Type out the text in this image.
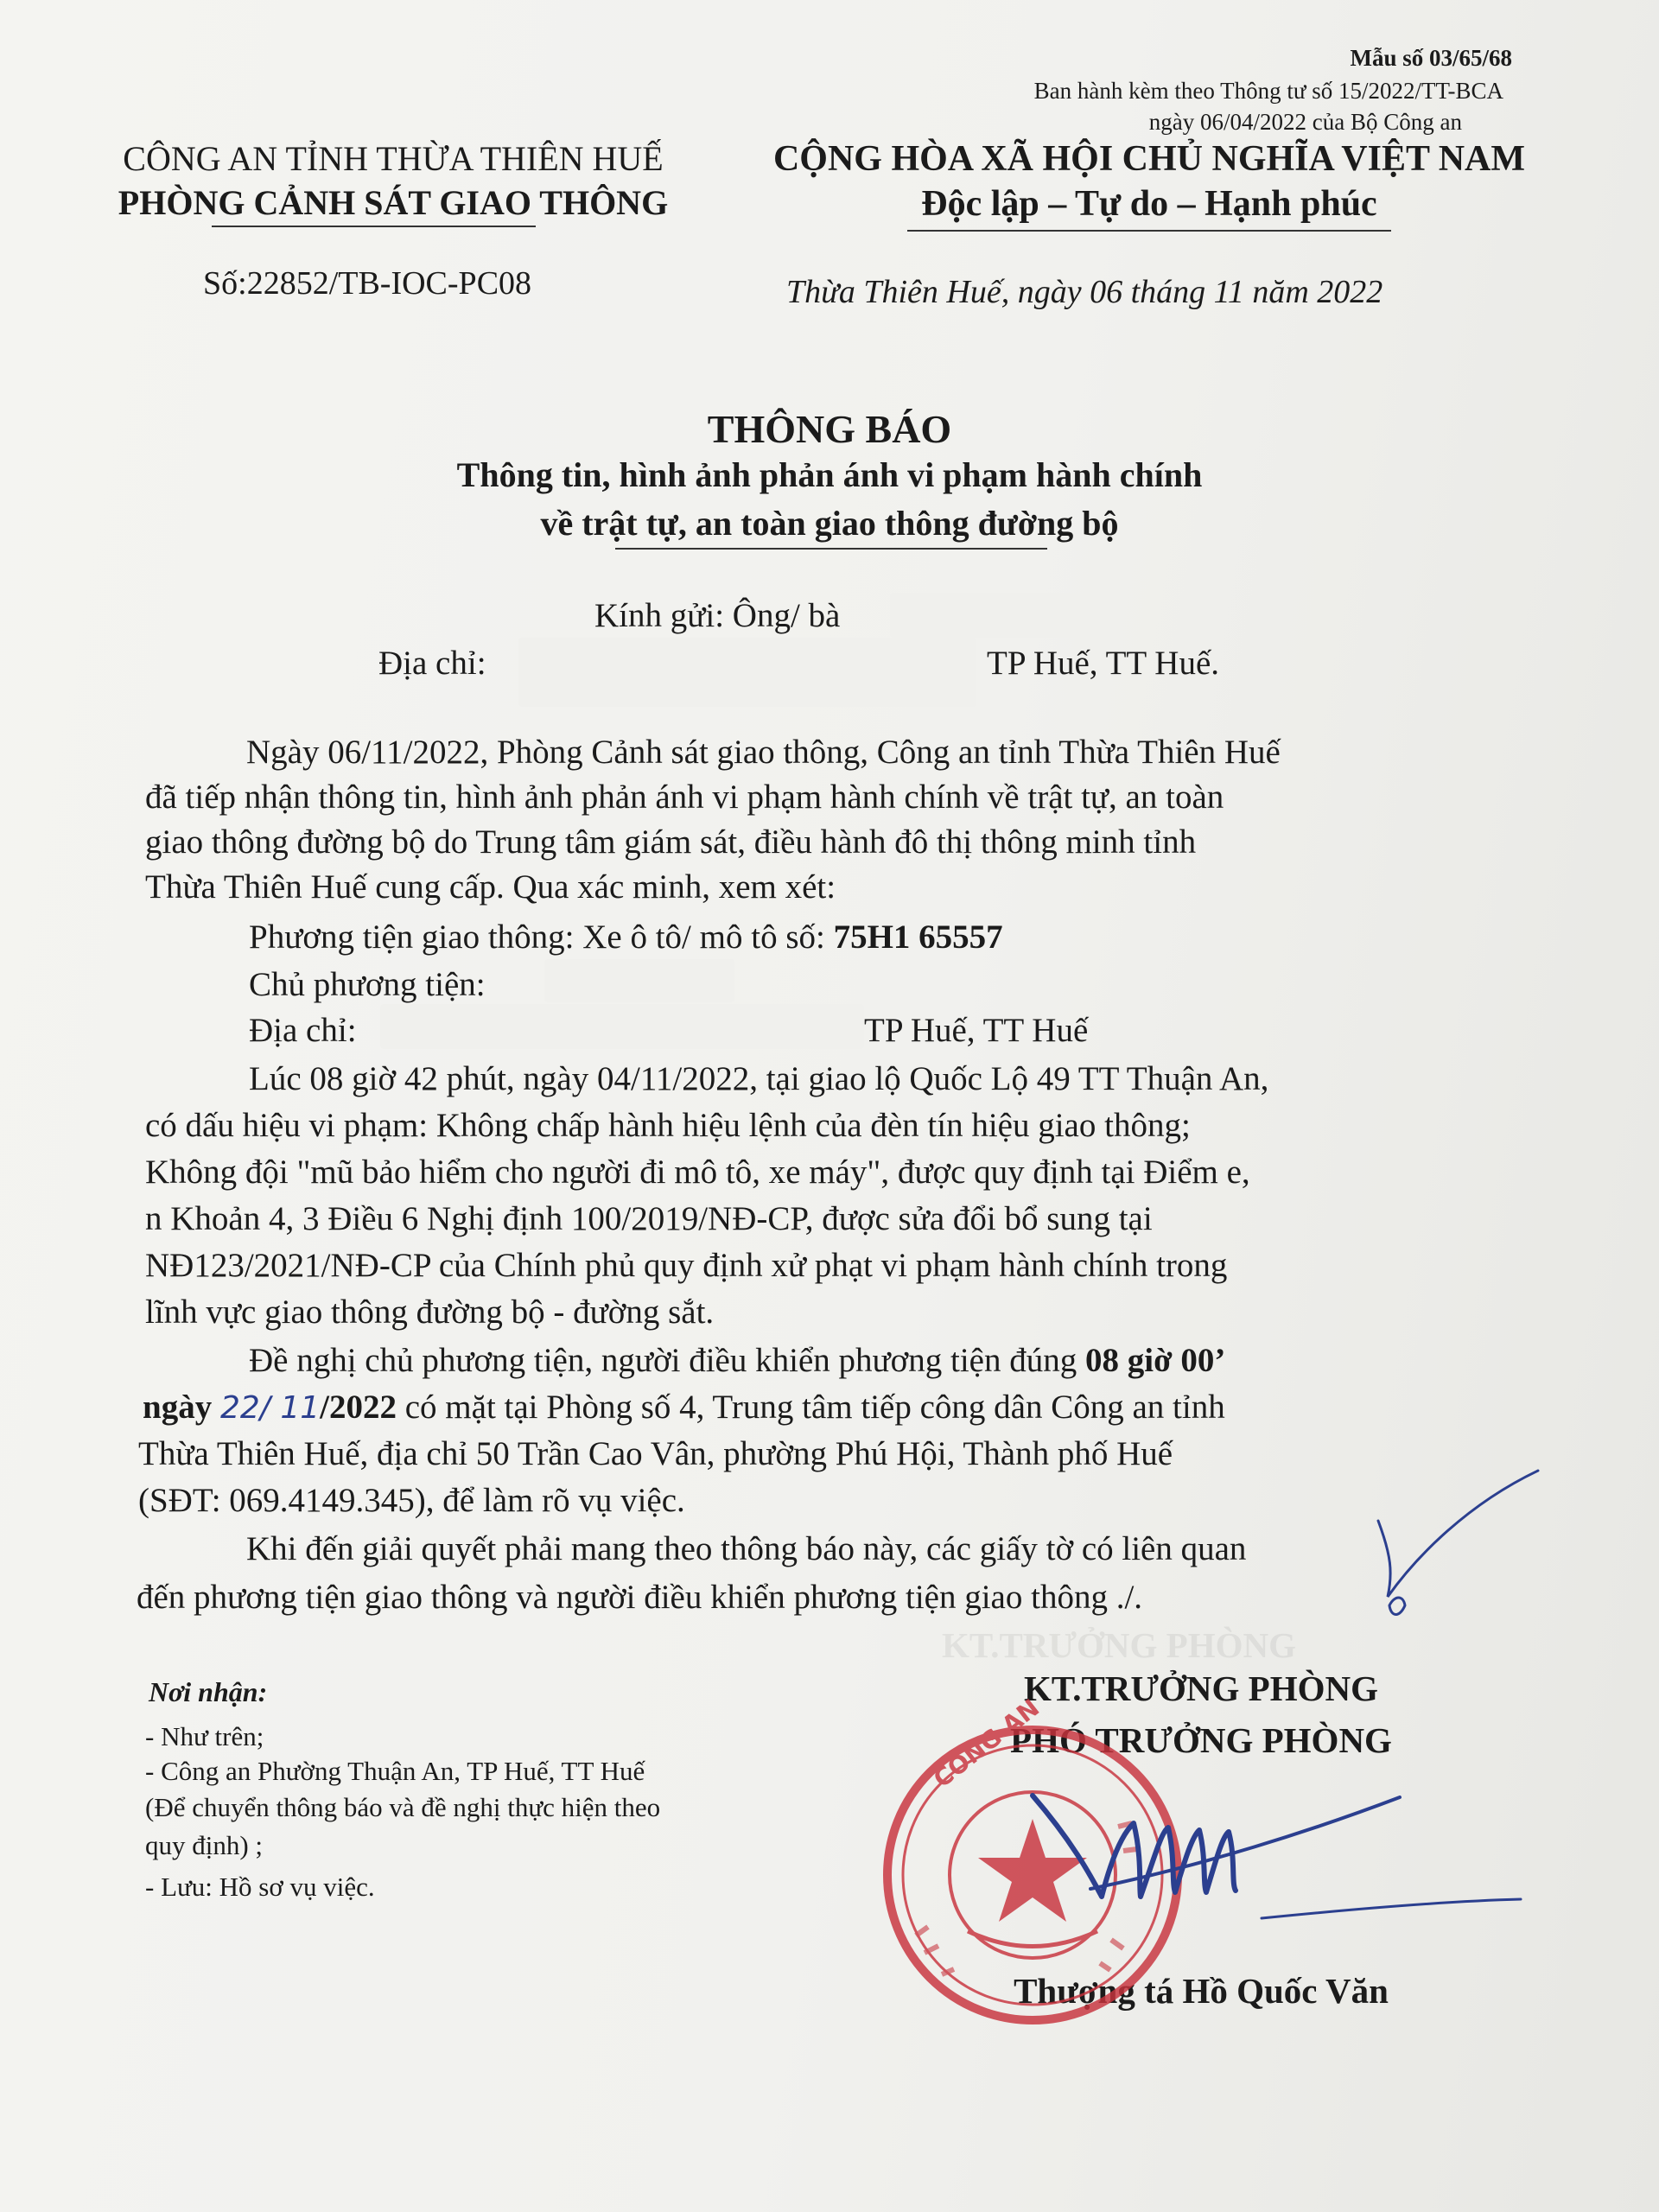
KT.TRƯỞNG PHÒNG
Mẫu số 03/65/68
Ban hành kèm theo Thông tư số 15/2022/TT-BCA
ngày 06/04/2022 của Bộ Công an
CÔNG AN TỈNH THỪA THIÊN HUẾ
PHÒNG CẢNH SÁT GIAO THÔNG
CỘNG HÒA XÃ HỘI CHỦ NGHĨA VIỆT NAM
Độc lập – Tự do – Hạnh phúc
Số:22852/TB-IOC-PC08	Thừa Thiên Huế, ngày 06 tháng 11 năm 2022
THÔNG BÁO
Thông tin, hình ảnh phản ánh vi phạm hành chính
về trật tự, an toàn giao thông đường bộ
Kính gửi: Ông/ bà
Địa chỉ:	TP Huế, TT Huế.
Ngày 06/11/2022, Phòng Cảnh sát giao thông, Công an tỉnh Thừa Thiên Huế
đã tiếp nhận thông tin, hình ảnh phản ánh vi phạm hành chính về trật tự, an toàn
giao thông đường bộ do Trung tâm giám sát, điều hành đô thị thông minh tỉnh
Thừa Thiên Huế cung cấp. Qua xác minh, xem xét:
Phương tiện giao thông: Xe ô tô/ mô tô số: 75H1 65557
Chủ phương tiện:
Địa chỉ:	TP Huế, TT Huế
Lúc 08 giờ 42 phút, ngày 04/11/2022, tại giao lộ Quốc Lộ 49 TT Thuận An,
có dấu hiệu vi phạm: Không chấp hành hiệu lệnh của đèn tín hiệu giao thông;
Không đội "mũ bảo hiểm cho người đi mô tô, xe máy", được quy định tại Điểm e,
n Khoản 4, 3 Điều 6 Nghị định 100/2019/NĐ-CP, được sửa đổi bổ sung tại
NĐ123/2021/NĐ-CP của Chính phủ quy định xử phạt vi phạm hành chính trong
lĩnh vực giao thông đường bộ - đường sắt.
Đề nghị chủ phương tiện, người điều khiển phương tiện đúng 08 giờ 00’
ngày 22/ 11/2022 có mặt tại Phòng số 4, Trung tâm tiếp công dân Công an tỉnh
Thừa Thiên Huế, địa chỉ 50 Trần Cao Vân, phường Phú Hội, Thành phố Huế
(SĐT: 069.4149.345), để làm rõ vụ việc.
Khi đến giải quyết phải mang theo thông báo này, các giấy tờ có liên quan
đến phương tiện giao thông và người điều khiển phương tiện giao thông ./.
Nơi nhận:
- Như trên;
- Công an Phường Thuận An, TP Huế, TT Huế
(Để chuyển thông báo và đề nghị thực hiện theo
quy định) ;
- Lưu: Hồ sơ vụ việc.
KT.TRƯỞNG PHÒNG
PHÓ TRƯỞNG PHÒNG
Thượng tá Hồ Quốc Văn
CÔNG AN
